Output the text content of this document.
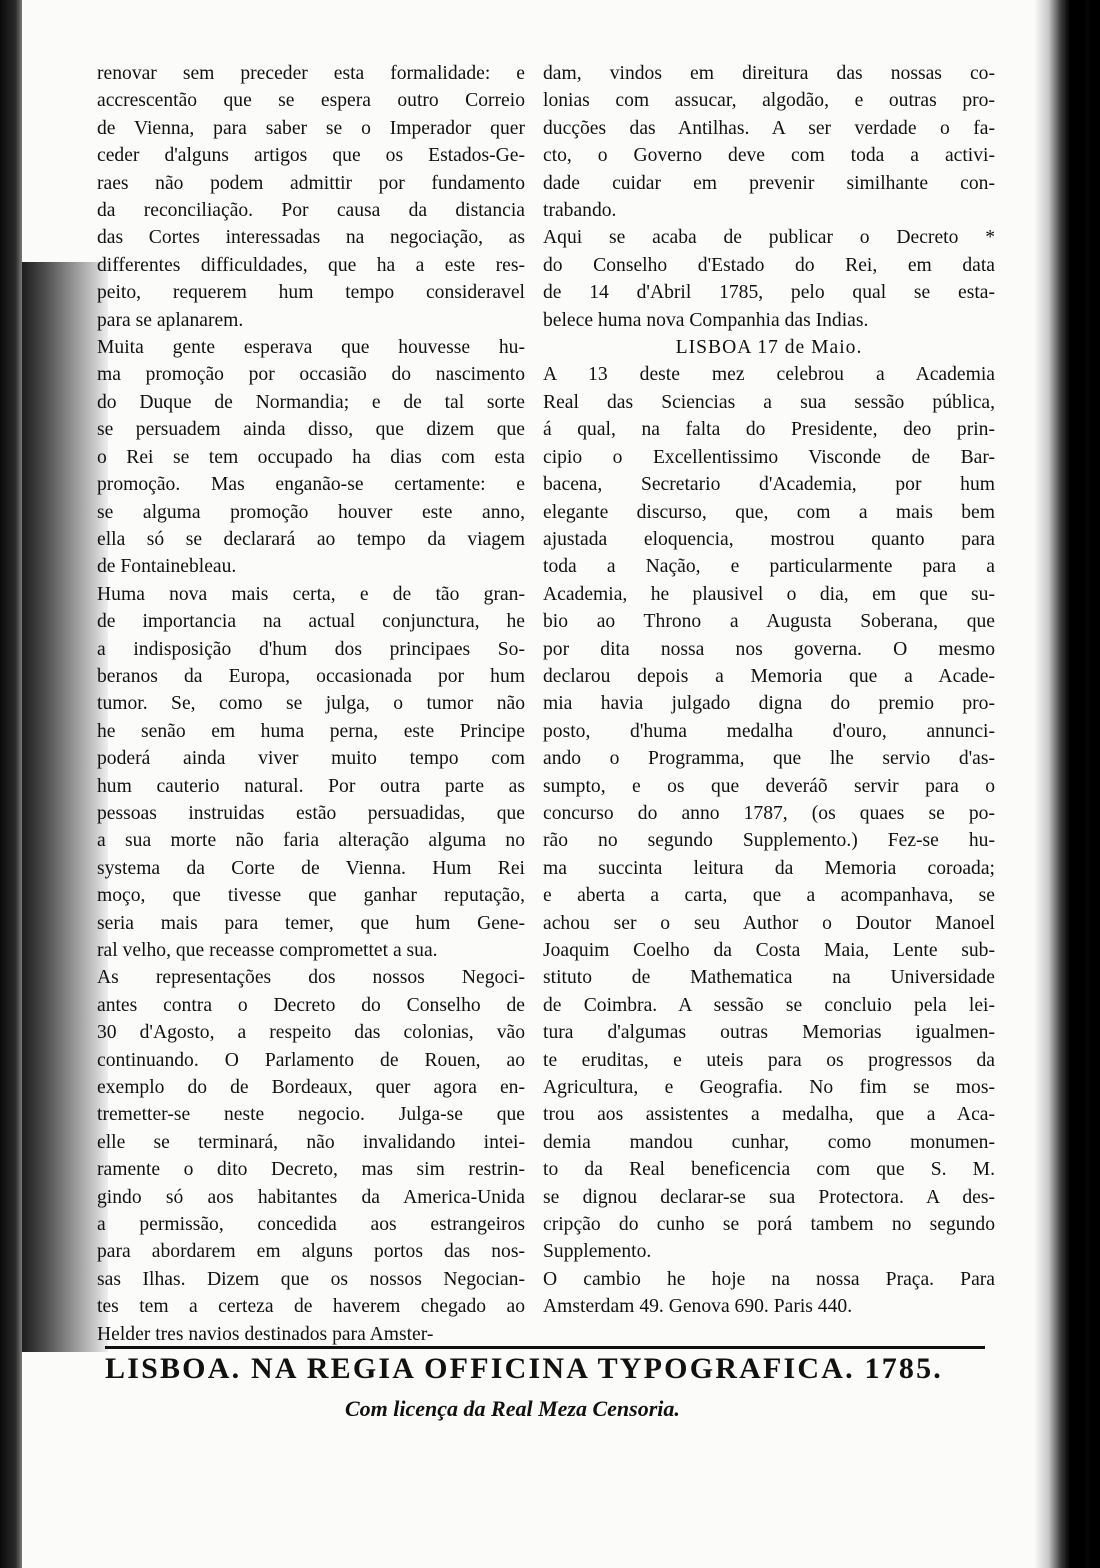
renovar sem preceder esta formalidade: e
accrescentão que se espera outro Correio
de Vienna, para saber se o Imperador quer
ceder d'alguns artigos que os Estados-Ge-
raes não podem admittir por fundamento
da reconciliação. Por causa da distancia
das Cortes interessadas na negociação, as
differentes difficuldades, que ha a este res-
peito, requerem hum tempo consideravel
para se aplanarem.
Muita gente esperava que houvesse hu-
ma promoção por occasião do nascimento
do Duque de Normandia; e de tal sorte
se persuadem ainda disso, que dizem que
o Rei se tem occupado ha dias com esta
promoção. Mas enganão-se certamente: e
se alguma promoção houver este anno,
ella só se declarará ao tempo da viagem
de Fontainebleau.
Huma nova mais certa, e de tão gran-
de importancia na actual conjunctura, he
a indisposição d'hum dos principaes So-
beranos da Europa, occasionada por hum
tumor. Se, como se julga, o tumor não
he senão em huma perna, este Principe
poderá ainda viver muito tempo com
hum cauterio natural. Por outra parte as
pessoas instruidas estão persuadidas, que
a sua morte não faria alteração alguma no
systema da Corte de Vienna. Hum Rei
moço, que tivesse que ganhar reputação,
seria mais para temer, que hum Gene-
ral velho, que receasse compromettet a sua.
As representações dos nossos Negoci-
antes contra o Decreto do Conselho de
30 d'Agosto, a respeito das colonias, vão
continuando. O Parlamento de Rouen, ao
exemplo do de Bordeaux, quer agora en-
tremetter-se neste negocio. Julga-se que
elle se terminará, não invalidando intei-
ramente o dito Decreto, mas sim restrin-
gindo só aos habitantes da America-Unida
a permissão, concedida aos estrangeiros
para abordarem em alguns portos das nos-
sas Ilhas. Dizem que os nossos Negocian-
tes tem a certeza de haverem chegado ao
Helder tres navios destinados para Amster-
dam, vindos em direitura das nossas co-
lonias com assucar, algodão, e outras pro-
ducções das Antilhas. A ser verdade o fa-
cto, o Governo deve com toda a activi-
dade cuidar em prevenir similhante con-
trabando.
Aqui se acaba de publicar o Decreto *
do Conselho d'Estado do Rei, em data
de 14 d'Abril 1785, pelo qual se esta-
belece huma nova Companhia das Indias.
LISBOA 17 de Maio.
A 13 deste mez celebrou a Academia
Real das Sciencias a sua sessão pública,
á qual, na falta do Presidente, deo prin-
cipio o Excellentissimo Visconde de Bar-
bacena, Secretario d'Academia, por hum
elegante discurso, que, com a mais bem
ajustada eloquencia, mostrou quanto para
toda a Nação, e particularmente para a
Academia, he plausivel o dia, em que su-
bio ao Throno a Augusta Soberana, que
por dita nossa nos governa. O mesmo
declarou depois a Memoria que a Acade-
mia havia julgado digna do premio pro-
posto, d'huma medalha d'ouro, annunci-
ando o Programma, que lhe servio d'as-
sumpto, e os que deveráõ servir para o
concurso do anno 1787, (os quaes se po-
rão no segundo Supplemento.) Fez-se hu-
ma succinta leitura da Memoria coroada;
e aberta a carta, que a acompanhava, se
achou ser o seu Author o Doutor Manoel
Joaquim Coelho da Costa Maia, Lente sub-
stituto de Mathematica na Universidade
de Coimbra. A sessão se concluio pela lei-
tura d'algumas outras Memorias igualmen-
te eruditas, e uteis para os progressos da
Agricultura, e Geografia. No fim se mos-
trou aos assistentes a medalha, que a Aca-
demia mandou cunhar, como monumen-
to da Real beneficencia com que S. M.
se dignou declarar-se sua Protectora. A des-
cripção do cunho se porá tambem no segundo
Supplemento.
O cambio he hoje na nossa Praça. Para
Amsterdam 49. Genova 690. Paris 440.
LISBOA. NA REGIA OFFICINA TYPOGRAFICA. 1785.
Com licença da Real Meza Censoria.
